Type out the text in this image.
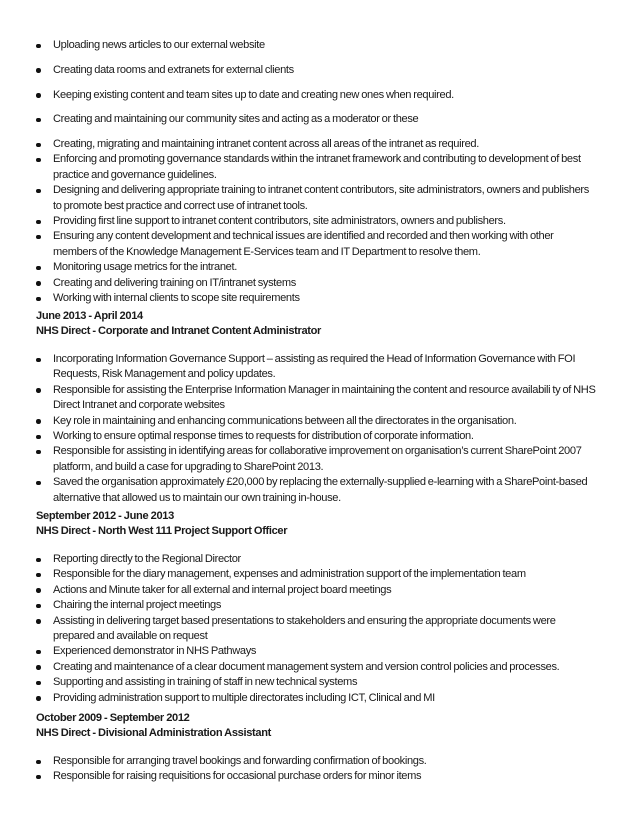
Uploading news articles to our external website
Creating data rooms and extranets for external clients
Keeping existing content and team sites up to date and creating new ones when required.
Creating and maintaining our community sites and acting as a moderator or these
Creating, migrating and maintaining intranet content across all areas of the intranet as required.
Enforcing and promoting governance standards within the intranet framework and contributing to development of best practice and governance guidelines.
Designing and delivering appropriate training to intranet content contributors, site administrators, owners and publishers to promote best practice and correct use of intranet tools.
Providing first line support to intranet content contributors, site administrators, owners and publishers.
Ensuring any content development and technical issues are identified and recorded and then working with other members of the Knowledge Management E-Services team and IT Department to resolve them.
Monitoring usage metrics for the intranet.
Creating and delivering training on IT/intranet systems
Working with internal clients to scope site requirements
June 2013 - April 2014
NHS Direct - Corporate and Intranet Content Administrator
Incorporating Information Governance Support – assisting as required the Head of Information Governance with FOI Requests, Risk Management and policy updates.
Responsible for assisting the Enterprise Information Manager in maintaining the content and resource availabili ty of NHS Direct Intranet and corporate websites
Key role in maintaining and enhancing communications between all the directorates in the organisation.
Working to ensure optimal response times to requests for distribution of corporate information.
Responsible for assisting in identifying areas for collaborative improvement on organisation’s current SharePoint 2007 platform, and build a case for upgrading to SharePoint 2013.
Saved the organisation approximately £20,000 by replacing the externally-supplied e-learning with a SharePoint-based alternative that allowed us to maintain our own training in-house.
September 2012 - June 2013
NHS Direct - North West 111 Project Support Officer
Reporting directly to the Regional Director
Responsible for the diary management, expenses and administration support of the implementation team
Actions and Minute taker for all external and internal project board meetings
Chairing the internal project meetings
Assisting in delivering target based presentations to stakeholders and ensuring the appropriate documents were prepared and available on request
Experienced demonstrator in NHS Pathways
Creating and maintenance of a clear document management system and version control policies and processes.
Supporting and assisting in training of staff in new technical systems
Providing administration support to multiple directorates including ICT, Clinical and MI
October 2009 - September 2012
NHS Direct - Divisional Administration Assistant
Responsible for arranging travel bookings and forwarding confirmation of bookings.
Responsible for raising requisitions for occasional purchase orders for minor items
